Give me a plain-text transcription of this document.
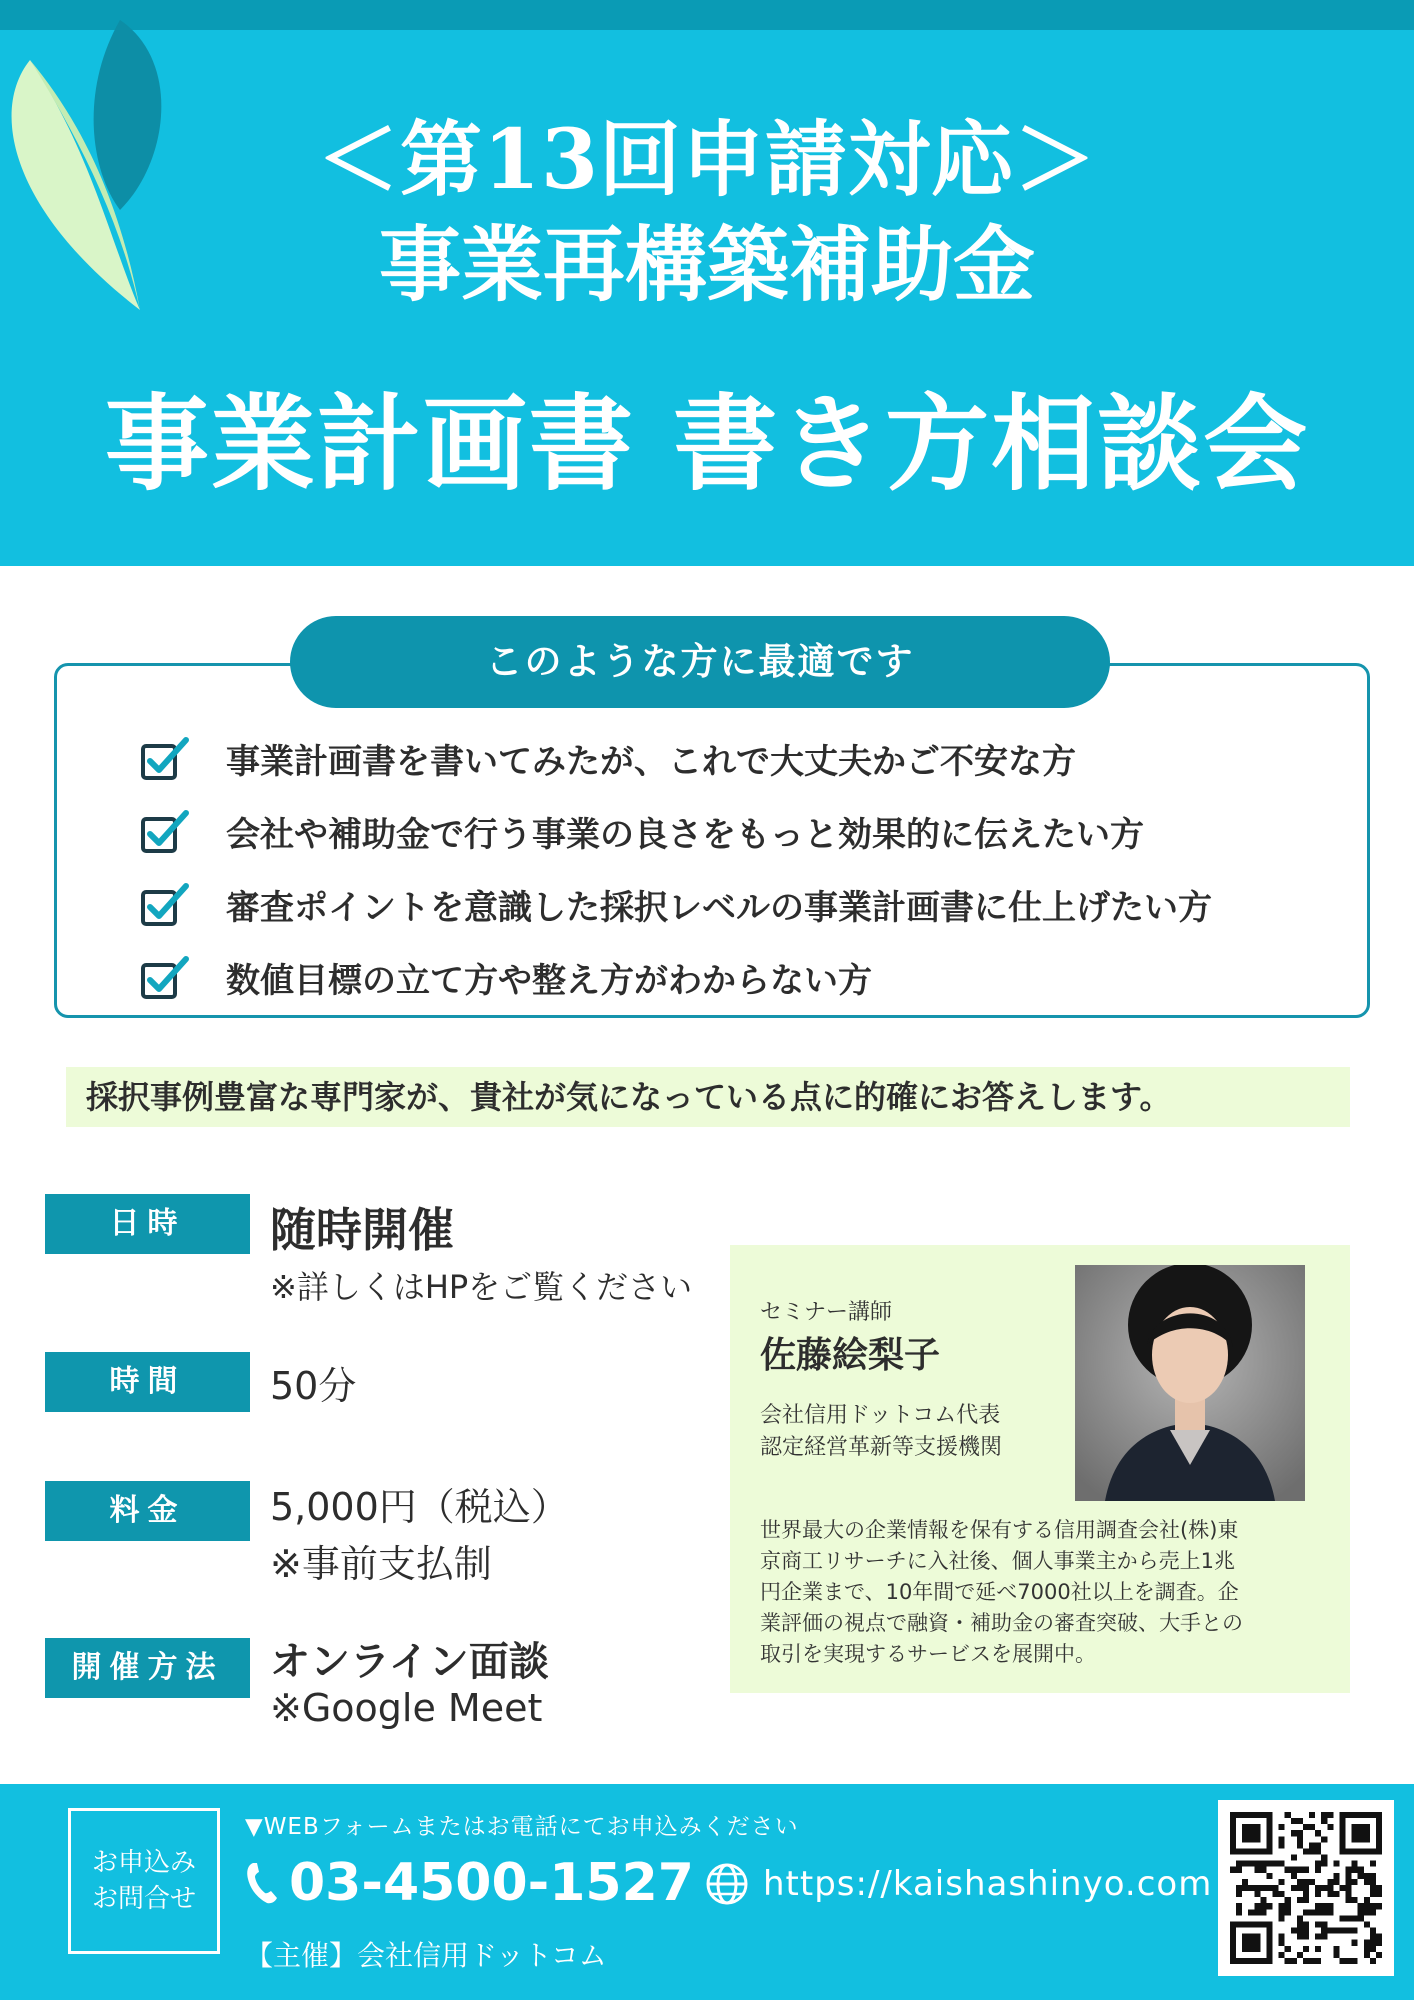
＜第13回申請対応＞
事業再構築補助金
事業計画書 書き方相談会
このような方に最適です
事業計画書を書いてみたが、これで大丈夫かご不安な方
会社や補助金で行う事業の良さをもっと効果的に伝えたい方
審査ポイントを意識した採択レベルの事業計画書に仕上げたい方
数値目標の立て方や整え方がわからない方
採択事例豊富な専門家が、貴社が気になっている点に的確にお答えします。
日時	随時開催
※詳しくはHPをご覧ください
時間	50分
料金	5,000円（税込）
※事前支払制
開催方法	オンライン面談
※Google Meet
セミナー講師
佐藤絵梨子
会社信用ドットコム代表
認定経営革新等支援機関
世界最大の企業情報を保有する信用調査会社(株)東
京商工リサーチに入社後、個人事業主から売上1兆
円企業まで、10年間で延べ7000社以上を調査。企
業評価の視点で融資・補助金の審査突破、大手との
取引を実現するサービスを展開中。
お申込み
お問合せ
▼WEBフォームまたはお電話にてお申込みください
03-4500-1527 https://kaishashinyo.com
【主催】会社信用ドットコム
